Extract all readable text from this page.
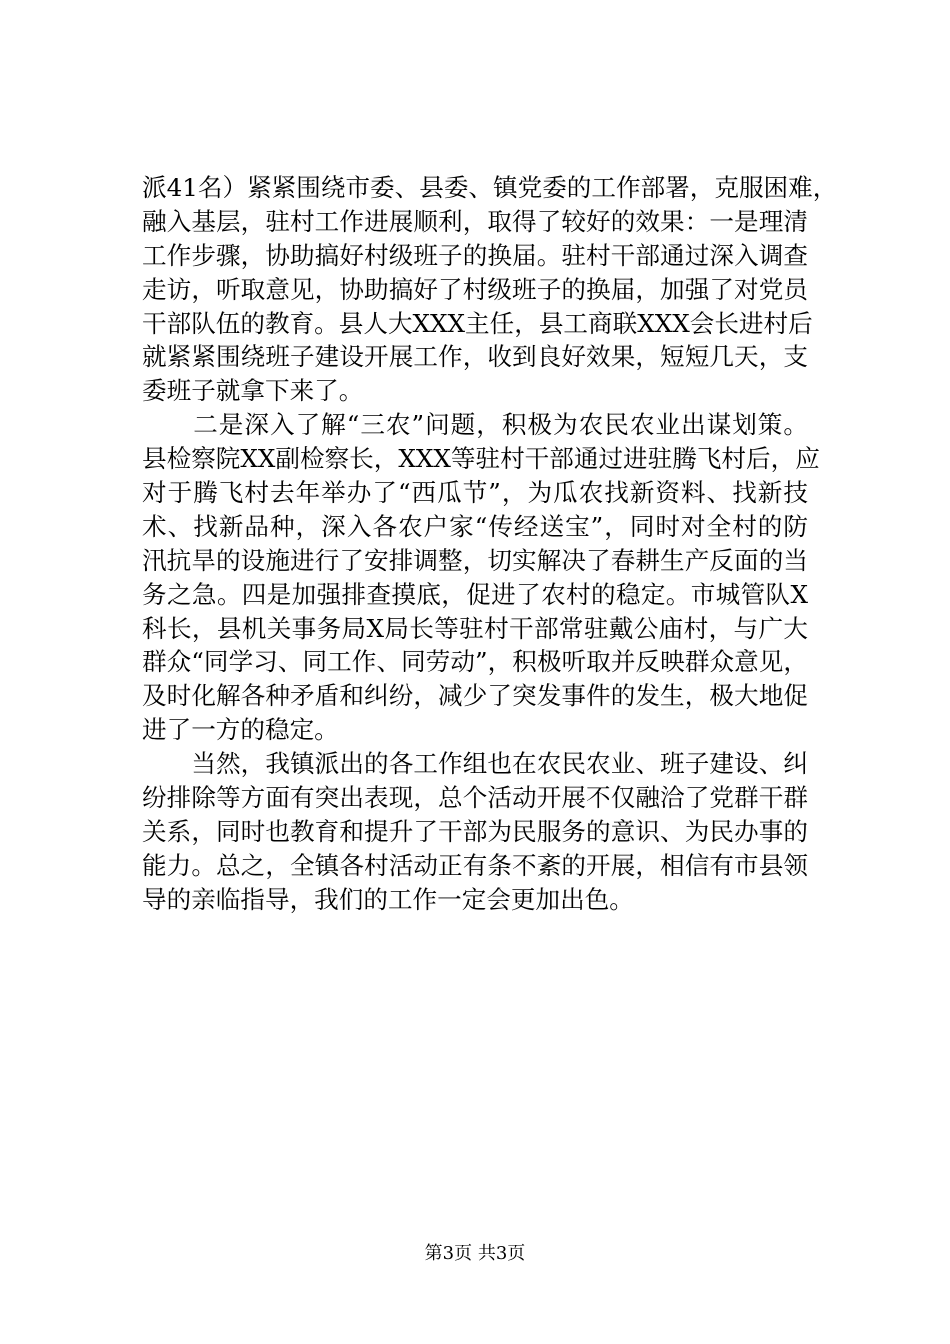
派41名）紧紧围绕市委、县委、镇党委的工作部署，克服困难，
融入基层，驻村工作进展顺利，取得了较好的效果：一是理清
工作步骤，协助搞好村级班子的换届。驻村干部通过深入调查
走访，听取意见，协助搞好了村级班子的换届，加强了对党员
干部队伍的教育。县人大XXX主任，县工商联XXX会长进村后
就紧紧围绕班子建设开展工作，收到良好效果，短短几天，支
委班子就拿下来了。
　　二是深入了解“三农”问题，积极为农民农业出谋划策。
县检察院XX副检察长，XXX等驻村干部通过进驻腾飞村后，应
对于腾飞村去年举办了“西瓜节”，为瓜农找新资料、找新技
术、找新品种，深入各农户家“传经送宝”，同时对全村的防
汛抗旱的设施进行了安排调整，切实解决了春耕生产反面的当
务之急。四是加强排查摸底，促进了农村的稳定。市城管队X
科长，县机关事务局X局长等驻村干部常驻戴公庙村，与广大
群众“同学习、同工作、同劳动”，积极听取并反映群众意见，
及时化解各种矛盾和纠纷，减少了突发事件的发生，极大地促
进了一方的稳定。
　　当然，我镇派出的各工作组也在农民农业、班子建设、纠
纷排除等方面有突出表现，总个活动开展不仅融洽了党群干群
关系，同时也教育和提升了干部为民服务的意识、为民办事的
能力。总之，全镇各村活动正有条不紊的开展，相信有市县领
导的亲临指导，我们的工作一定会更加出色。
第3页 共3页
